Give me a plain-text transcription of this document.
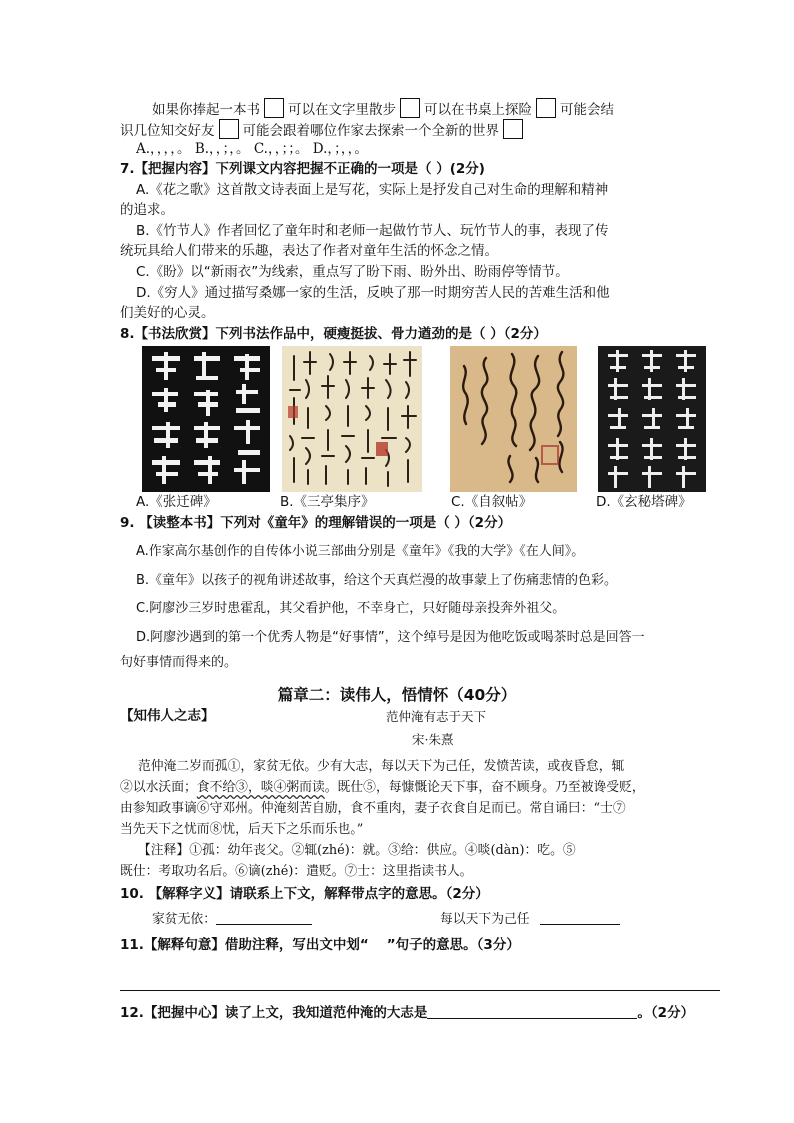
如果你捧起一本书 可以在文字里散步 可以在书桌上探险 可能会结
识几位知交好友 可能会跟着哪位作家去探索一个全新的世界
A.，，，，。 B.，，；，。 C.，，；；。 D.，；，，。
7.【把握内容】下列课文内容把握不正确的一项是（ ）(2分)
A.《花之歌》这首散文诗表面上是写花，实际上是抒发自己对生命的理解和精神
的追求。
B.《竹节人》作者回忆了童年时和老师一起做竹节人、玩竹节人的事，表现了传
统玩具给人们带来的乐趣，表达了作者对童年生活的怀念之情。
C.《盼》以“新雨衣”为线索，重点写了盼下雨、盼外出、盼雨停等情节。
D.《穷人》通过描写桑娜一家的生活，反映了那一时期穷苦人民的苦难生活和他
们美好的心灵。
8.【书法欣赏】下列书法作品中，硬瘦挺拔、骨力遒劲的是（ ）（2分）
A.《张迁碑》	B.《三亭集序》	C.《自叙帖》	D.《玄秘塔碑》
9. 【读整本书】下列对《童年》的理解错误的一项是（ ）（2分）
A.作家高尔基创作的自传体小说三部曲分别是《童年》《我的大学》《在人间》。
B.《童年》以孩子的视角讲述故事，给这个天真烂漫的故事蒙上了伤痛悲情的色彩。
C.阿廖沙三岁时患霍乱，其父看护他，不幸身亡，只好随母亲投奔外祖父。
D.阿廖沙遇到的第一个优秀人物是“好事情”，这个绰号是因为他吃饭或喝茶时总是回答一
句好事情而得来的。
篇章二：读伟人，悟情怀（40分）
【知伟人之志】	范仲淹有志于天下
宋·朱熹
范仲淹二岁而孤①，家贫无依。少有大志，每以天下为己任，发愤苦读，或夜昏怠，辄
②以水沃面；食不给③，啖④粥而读。既仕⑤，每慷慨论天下事，奋不顾身。乃至被谗受贬，
由参知政事谪⑥守邓州。仲淹刻苦自励，食不重肉，妻子衣食自足而已。常自诵曰：“士⑦
当先天下之忧而⑧忧，后天下之乐而乐也。”
【注释】①孤：幼年丧父。②辄(zhé)：就。③给：供应。④啖(dàn)：吃。⑤
既仕：考取功名后。⑥谪(zhé)：遣贬。⑦士：这里指读书人。
10. 【解释字义】请联系上下文，解释带点字的意思。（2分）
家贫无依：	每以天下为己任
11.【解释句意】借助注释，写出文中划“ ”句子的意思。（3分）
12.【把握中心】读了上文，我知道范仲淹的大志是	。（2分）
